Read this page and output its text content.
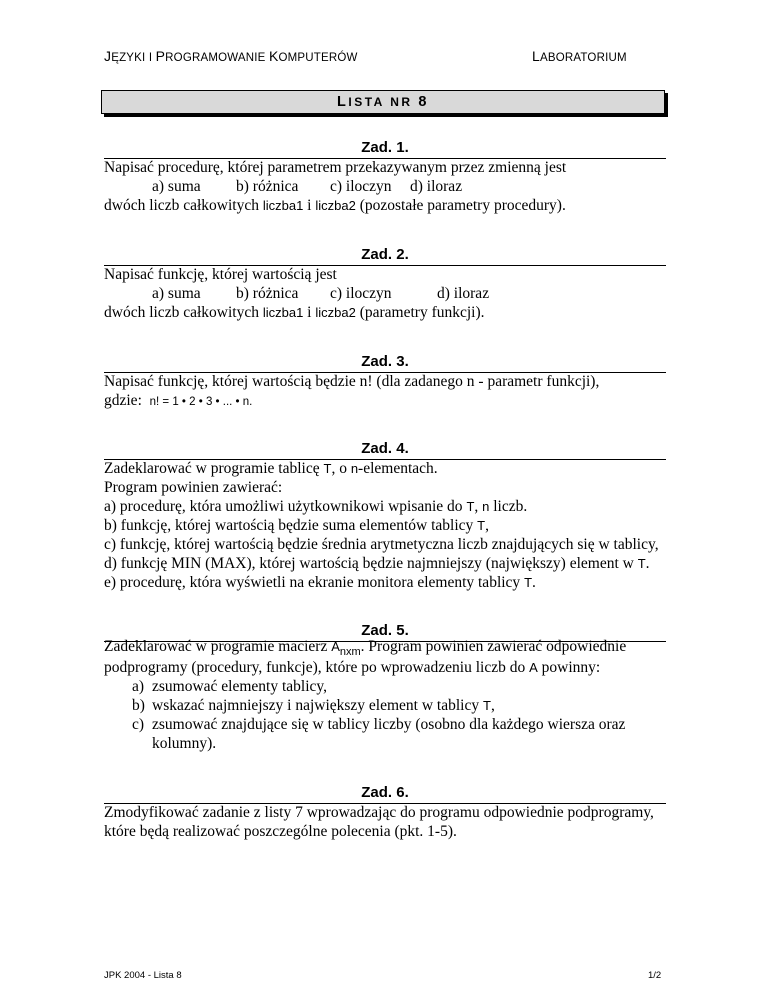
JĘZYKI I PROGRAMOWANIE KOMPUTERÓW	LABORATORIUM
LISTA NR 8
Zad. 1.
Napisać procedurę, której parametrem przekazywanym przez zmienną jest
a) suma b) różnica c) iloczyn d) iloraz
dwóch liczb całkowitych liczba1 i liczba2 (pozostałe parametry procedury).
Zad. 2.
Napisać funkcję, której wartością jest
a) suma b) różnica c) iloczyn	d) iloraz
dwóch liczb całkowitych liczba1 i liczba2 (parametry funkcji).
Zad. 3.
Napisać funkcję, której wartością będzie n! (dla zadanego n - parametr funkcji),
gdzie: n! = 1 • 2 • 3 • ... • n.
Zad. 4.
Zadeklarować w programie tablicę T, o n-elementach.
Program powinien zawierać:
a) procedurę, która umożliwi użytkownikowi wpisanie do T, n liczb.
b) funkcję, której wartością będzie suma elementów tablicy T,
c) funkcję, której wartością będzie średnia arytmetyczna liczb znajdujących się w tablicy,
d) funkcję MIN (MAX), której wartością będzie najmniejszy (największy) element w T.
e) procedurę, która wyświetli na ekranie monitora elementy tablicy T.
Zad. 5.
Zadeklarować w programie macierz $A_{nxm}$. Program powinien zawierać odpowiednie
podprogramy (procedury, funkcje), które po wprowadzeniu liczb do A powinny:
a) zsumować elementy tablicy,
b) wskazać najmniejszy i największy element w tablicy T,
c) zsumować znajdujące się w tablicy liczby (osobno dla każdego wiersza oraz
kolumny).
Zad. 6.
Zmodyfikować zadanie z listy 7 wprowadzając do programu odpowiednie podprogramy,
które będą realizować poszczególne polecenia (pkt. 1-5).
JPK 2004 - Lista 8	1/2
